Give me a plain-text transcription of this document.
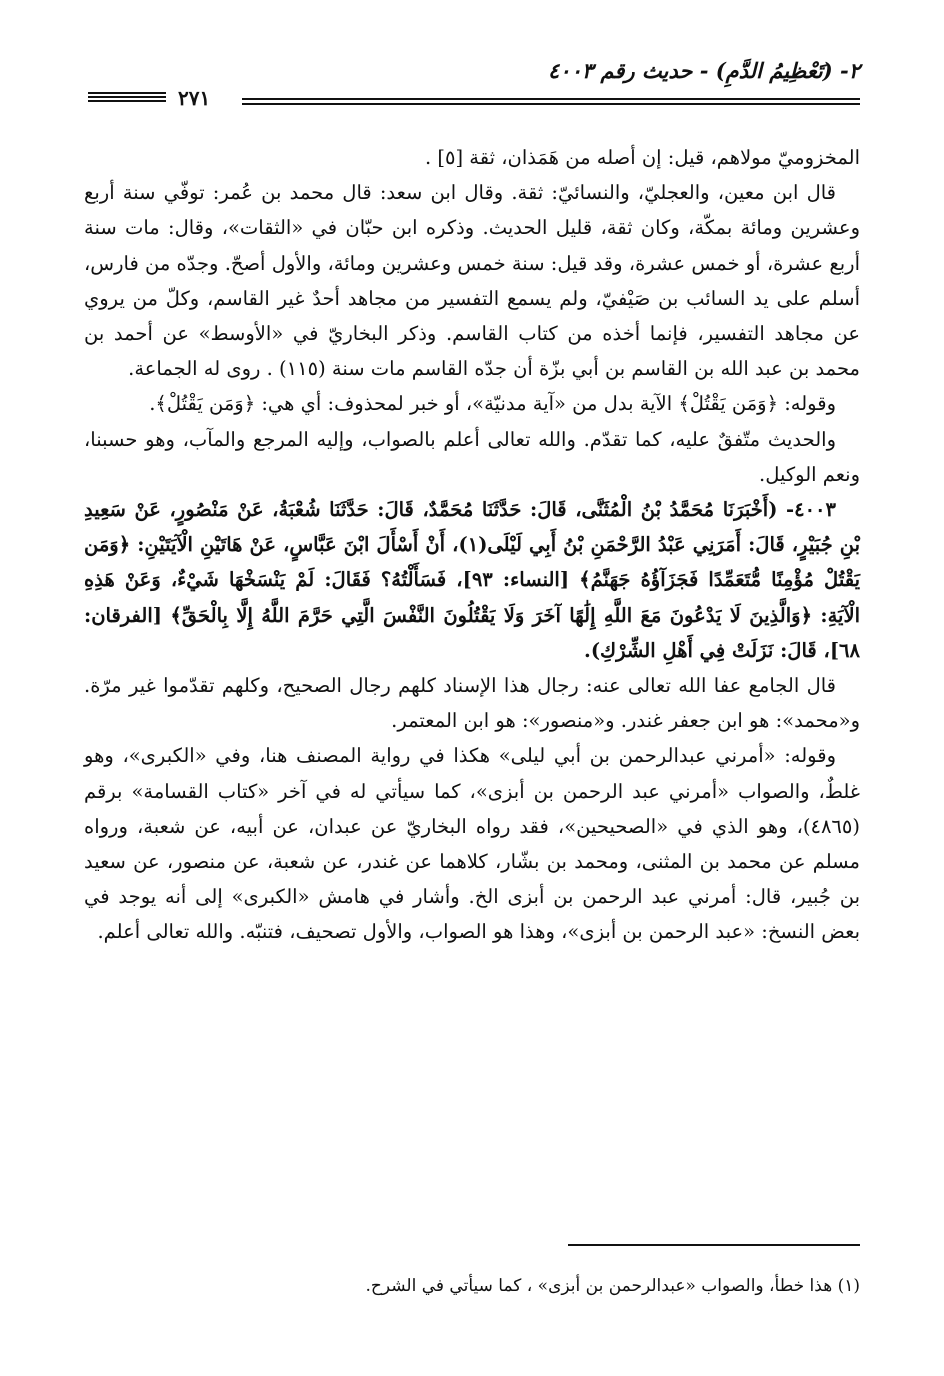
٢- (تَعْظِيمُ الدَّمِ) - حديث رقم ٤٠٠٣
٢٧١

المخزوميّ مولاهم، قيل: إن أصله من هَمَذان، ثقة [٥] .

قال ابن معين، والعجليّ، والنسائيّ: ثقة. وقال ابن سعد: قال محمد بن عُمر: توفّي سنة أربع وعشرين ومائة بمكّة، وكان ثقة، قليل الحديث. وذكره ابن حبّان في «الثقات»، وقال: مات سنة أربع عشرة، أو خمس عشرة، وقد قيل: سنة خمس وعشرين ومائة، والأول أصحّ. وجدّه من فارس، أسلم على يد السائب بن صَيْفيّ، ولم يسمع التفسير من مجاهد أحدٌ غير القاسم، وكلّ من يروي عن مجاهد التفسير، فإنما أخذه من كتاب القاسم. وذكر البخاريّ في «الأوسط» عن أحمد بن محمد بن عبد الله بن القاسم بن أبي بزّة أن جدّه القاسم مات سنة (١١٥) . روى له الجماعة.

وقوله: ﴿وَمَن يَقْتُلْ﴾ الآية بدل من «آية مدنيّة»، أو خبر لمحذوف: أي هي: ﴿وَمَن يَقْتُلْ﴾.

والحديث متّفقٌ عليه، كما تقدّم. والله تعالى أعلم بالصواب، وإليه المرجع والمآب، وهو حسبنا، ونعم الوكيل.

٤٠٠٣- (أَخْبَرَنَا مُحَمَّدُ بْنُ الْمُثَنَّى، قَالَ: حَدَّثَنَا مُحَمَّدٌ، قَالَ: حَدَّثَنَا شُعْبَةُ، عَنْ مَنْصُورٍ، عَنْ سَعِيدِ بْنِ جُبَيْرٍ، قَالَ: أَمَرَنِي عَبْدُ الرَّحْمَنِ بْنُ أَبِي لَيْلَى(١)، أَنْ أَسْأَلَ ابْنَ عَبَّاسٍ، عَنْ هَاتَيْنِ الْآيَتَيْنِ: ﴿وَمَن يَقْتُلْ مُؤْمِنًا مُّتَعَمِّدًا فَجَزَآؤُهُ جَهَنَّمُ﴾ [النساء: ٩٣]، فَسَأَلْتُهُ؟ فَقَالَ: لَمْ يَنْسَخْهَا شَيْءٌ، وَعَنْ هَذِهِ الْآيَةِ: ﴿وَالَّذِينَ لَا يَدْعُونَ مَعَ اللَّهِ إِلَٰهًا آخَرَ وَلَا يَقْتُلُونَ النَّفْسَ الَّتِي حَرَّمَ اللَّهُ إِلَّا بِالْحَقِّ﴾ [الفرقان: ٦٨]، قَالَ: نَزَلَتْ فِي أَهْلِ الشِّرْكِ).

قال الجامع عفا الله تعالى عنه: رجال هذا الإسناد كلهم رجال الصحيح، وكلهم تقدّموا غير مرّة. و«محمد»: هو ابن جعفر غندر. و«منصور»: هو ابن المعتمر.

وقوله: «أمرني عبدالرحمن بن أبي ليلى» هكذا في رواية المصنف هنا، وفي «الكبرى»، وهو غلطٌ، والصواب «أمرني عبد الرحمن بن أبزى»، كما سيأتي له في آخر «كتاب القسامة» برقم (٤٨٦٥)، وهو الذي في «الصحيحين»، فقد رواه البخاريّ عن عبدان، عن أبيه، عن شعبة، ورواه مسلم عن محمد بن المثنى، ومحمد بن بشّار، كلاهما عن غندر، عن شعبة، عن منصور، عن سعيد بن جُبير، قال: أمرني عبد الرحمن بن أبزى الخ. وأشار في هامش «الكبرى» إلى أنه يوجد في بعض النسخ: «عبد الرحمن بن أبزى»، وهذا هو الصواب، والأول تصحيف، فتنبّه. والله تعالى أعلم.

(١) هذا خطأ، والصواب «عبدالرحمن بن أبزى» ، كما سيأتي في الشرح.
